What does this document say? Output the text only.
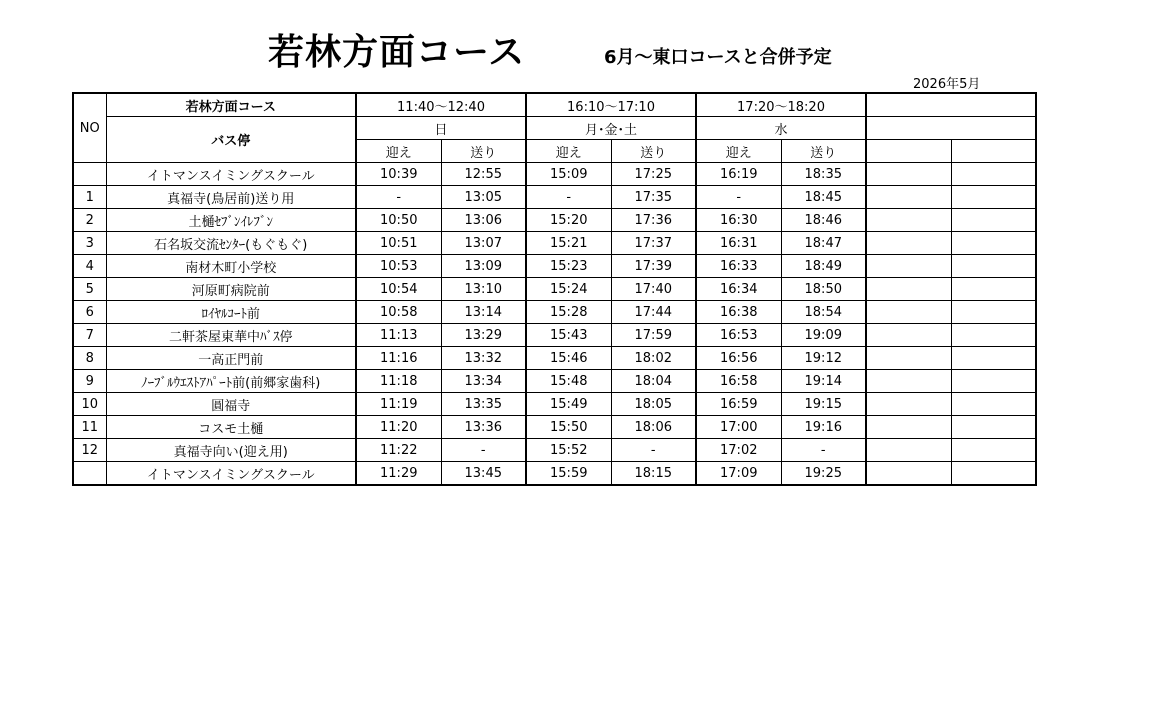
若林方面コース	6月～東口コースと合併予定
2026年5月
NO	若林方面コース	11:40～12:40		16:10～17:10		17:20～18:20			
	バス停	日		月･金･土		水			
		迎え	送り	迎え	送り	迎え	送り		
	イトマンスイミングスクール	10:39	12:55	15:09	17:25	16:19	18:35		
1	真福寺(鳥居前)送り用	-	13:05	-	17:35	-	18:45		
2	土樋ｾﾌﾞﾝｲﾚﾌﾞﾝ	10:50	13:06	15:20	17:36	16:30	18:46		
3	石名坂交流ｾﾝﾀｰ(もぐもぐ)	10:51	13:07	15:21	17:37	16:31	18:47		
4	南材木町小学校	10:53	13:09	15:23	17:39	16:33	18:49		
5	河原町病院前	10:54	13:10	15:24	17:40	16:34	18:50		
6	ﾛｲﾔﾙｺｰﾄ前	10:58	13:14	15:28	17:44	16:38	18:54		
7	二軒茶屋東華中ﾊﾞｽ停	11:13	13:29	15:43	17:59	16:53	19:09		
8	一高正門前	11:16	13:32	15:46	18:02	16:56	19:12		
9	ﾉｰﾌﾞﾙｳｴｽﾄｱﾊﾟｰﾄ前(前郷家歯科)	11:18	13:34	15:48	18:04	16:58	19:14		
10	圓福寺	11:19	13:35	15:49	18:05	16:59	19:15		
11	コスモ土樋	11:20	13:36	15:50	18:06	17:00	19:16		
12	真福寺向い(迎え用)	11:22	-	15:52	-	17:02	-		
	イトマンスイミングスクール	11:29	13:45	15:59	18:15	17:09	19:25		
